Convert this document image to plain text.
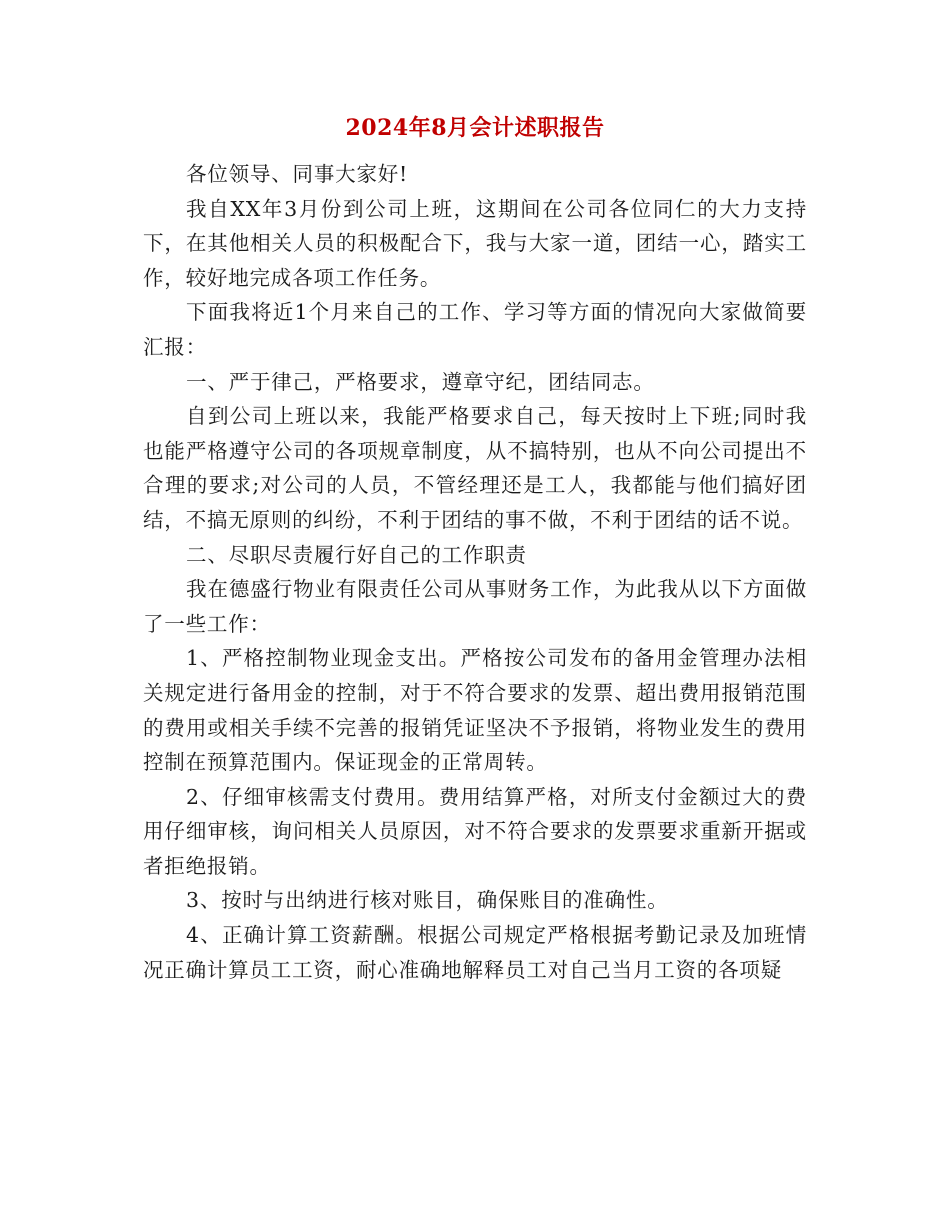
2024年8月会计述职报告

各位领导、同事大家好!

我自XX年3月份到公司上班，这期间在公司各位同仁的大力支持下，在其他相关人员的积极配合下，我与大家一道，团结一心，踏实工作，较好地完成各项工作任务。

下面我将近1个月来自己的工作、学习等方面的情况向大家做简要汇报：

一、严于律己，严格要求，遵章守纪，团结同志。

自到公司上班以来，我能严格要求自己，每天按时上下班;同时我也能严格遵守公司的各项规章制度，从不搞特别，也从不向公司提出不合理的要求;对公司的人员，不管经理还是工人，我都能与他们搞好团结，不搞无原则的纠纷，不利于团结的事不做，不利于团结的话不说。

二、尽职尽责履行好自己的工作职责

我在德盛行物业有限责任公司从事财务工作，为此我从以下方面做了一些工作：

1、严格控制物业现金支出。严格按公司发布的备用金管理办法相关规定进行备用金的控制，对于不符合要求的发票、超出费用报销范围的费用或相关手续不完善的报销凭证坚决不予报销，将物业发生的费用控制在预算范围内。保证现金的正常周转。

2、仔细审核需支付费用。费用结算严格，对所支付金额过大的费用仔细审核，询问相关人员原因，对不符合要求的发票要求重新开据或者拒绝报销。

3、按时与出纳进行核对账目，确保账目的准确性。

4、正确计算工资薪酬。根据公司规定严格根据考勤记录及加班情况正确计算员工工资，耐心准确地解释员工对自己当月工资的各项疑
